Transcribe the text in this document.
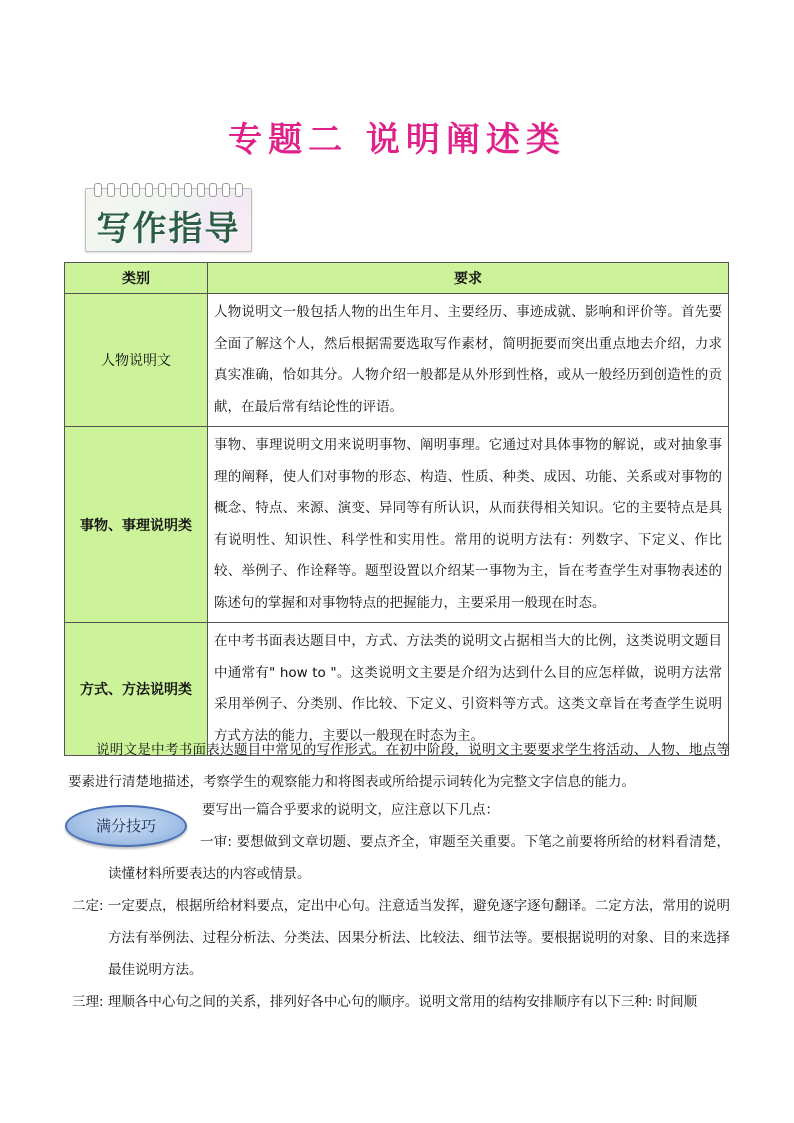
专题二 说明阐述类
写作指导
类别	要求
人物说明文	人物说明文一般包括人物的出生年月、主要经历、事迹成就、影响和评价等。首先要全面了解这个人，然后根据需要选取写作素材，简明扼要而突出重点地去介绍，力求真实准确，恰如其分。人物介绍一般都是从外形到性格，或从一般经历到创造性的贡献，在最后常有结论性的评语。
事物、事理说明类	事物、事理说明文用来说明事物、阐明事理。它通过对具体事物的解说，或对抽象事理的阐释，使人们对事物的形态、构造、性质、种类、成因、功能、关系或对事物的概念、特点、来源、演变、异同等有所认识，从而获得相关知识。它的主要特点是具有说明性、知识性、科学性和实用性。常用的说明方法有：列数字、下定义、作比较、举例子、作诠释等。题型设置以介绍某一事物为主，旨在考查学生对事物表述的陈述句的掌握和对事物特点的把握能力，主要采用一般现在时态。
方式、方法说明类	在中考书面表达题目中，方式、方法类的说明文占据相当大的比例，这类说明文题目中通常有" how to "。这类说明文主要是介绍为达到什么目的应怎样做，说明方法常采用举例子、分类别、作比较、下定义、引资料等方式。这类文章旨在考查学生说明方式方法的能力，主要以一般现在时态为主。
说明文是中考书面表达题目中常见的写作形式。在初中阶段，说明文主要要求学生将活动、人物、地点等要素进行清楚地描述，考察学生的观察能力和将图表或所给提示词转化为完整文字信息的能力。
满分技巧
要写出一篇合乎要求的说明文，应注意以下几点：
一审: 要想做到文章切题、要点齐全，审题至关重要。下笔之前要将所给的材料看清楚，读懂材料所要表达的内容或情景。
二定: 一定要点，根据所给材料要点，定出中心句。注意适当发挥，避免逐字逐句翻译。二定方法，常用的说明方法有举例法、过程分析法、分类法、因果分析法、比较法、细节法等。要根据说明的对象、目的来选择最佳说明方法。
三理: 理顺各中心句之间的关系，排列好各中心句的顺序。说明文常用的结构安排顺序有以下三种: 时间顺
